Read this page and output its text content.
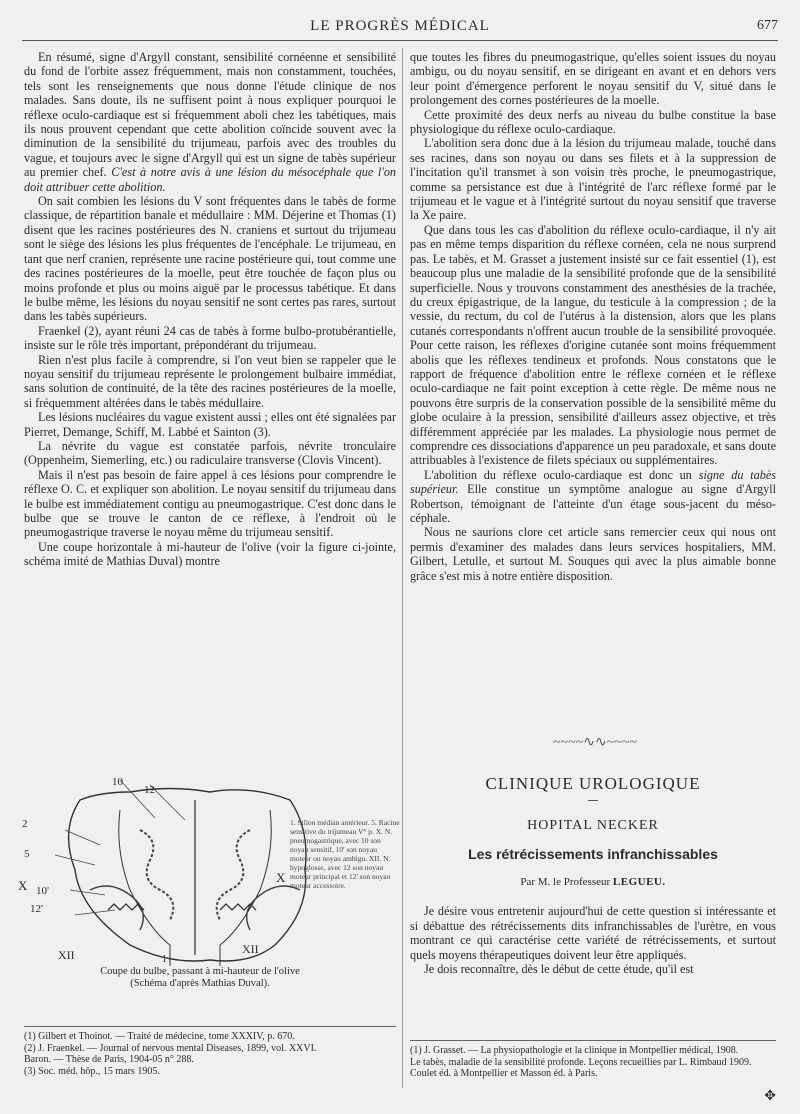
LE PROGRÈS MÉDICAL	677

En résumé, signe d'Argyll constant, sensibilité cornéenne et sensibilité du fond de l'orbite assez fréquemment, mais non constamment, touchées, tels sont les renseignements que nous donne l'étude clinique de nos malades. Sans doute, ils ne suffisent point à nous expliquer pourquoi le réflexe oculo-cardiaque est si fréquemment aboli chez les tabétiques, mais ils nous prouvent cependant que cette abolition coïncide souvent avec la diminution de la sensibilité du trijumeau, parfois avec des troubles du vague, et toujours avec le signe d'Argyll qui est un signe de tabès supérieur au premier chef. C'est à notre avis à une lésion du mésocéphale que l'on doit attribuer cette abolition.

On sait combien les lésions du V sont fréquentes dans le tabès de forme classique, de répartition banale et médullaire : MM. Déjerine et Thomas (1) disent que les racines postérieures des N. craniens et surtout du trijumeau sont le siège des lésions les plus fréquentes de l'encéphale. Le trijumeau, en tant que nerf cranien, représente une racine postérieure qui, tout comme une des racines postérieures de la moelle, peut être touchée de façon plus ou moins profonde et plus ou moins aiguë par le processus tabétique. Et dans le bulbe même, les lésions du noyau sensitif ne sont certes pas rares, surtout dans les tabès supérieurs.

Fraenkel (2), ayant réuni 24 cas de tabès à forme bulbo-protubérantielle, insiste sur le rôle très important, prépondérant du trijumeau.

Rien n'est plus facile à comprendre, si l'on veut bien se rappeler que le noyau sensitif du trijumeau représente le prolongement bulbaire immédiat, sans solution de continuité, de la tête des racines postérieures de la moelle, si fréquemment altérées dans le tabès médullaire.

Les lésions nucléaires du vague existent aussi ; elles ont été signalées par Pierret, Demange, Schiff, M. Labbé et Sainton (3).

La névrite du vague est constatée parfois, névrite tronculaire (Oppenheim, Siemerling, etc.) ou radiculaire transverse (Clovis Vincent).

Mais il n'est pas besoin de faire appel à ces lésions pour comprendre le réflexe O. C. et expliquer son abolition. Le noyau sensitif du trijumeau dans le bulbe est immédiatement contigu au pneumogastrique. C'est donc dans le bulbe que se trouve le canton de ce réflexe, à l'endroit où le pneumogastrique traverse le noyau même du trijumeau sensitif.

Une coupe horizontale à mi-hauteur de l'olive (voir la figure ci-jointe, schéma imité de Mathias Duval) montre

10
12
2
5
X
X
10'
12'
XII	XII
1
1. Sillon médian antérieur. 5. Racine sensitive du trijumeau V° p. X. N. pneumogastrique, avec 10 son noyau sensitif, 10' son noyau moteur ou noyau ambigu. XII. N. hypoglosse, avec 12 son noyau moteur principal et 12' son noyau moteur accessoire.
Coupe du bulbe, passant à mi-hauteur de l'olive
(Schéma d'après Mathias Duval).
(1) Gilbert et Thoinot. — Traité de médecine, tome XXXIV, p. 670.
(2) J. Fraenkel. — Journal of nervous mental Diseases, 1899, vol. XXVI.
Baron. — Thèse de Paris, 1904-05 n° 288.
(3) Soc. méd. hôp., 15 mars 1905.

que toutes les fibres du pneumogastrique, qu'elles soient issues du noyau ambigu, ou du noyau sensitif, en se dirigeant en avant et en dehors vers leur point d'émergence perforent le noyau sensitif du V, situé dans le prolongement des cornes postérieures de la moelle.

Cette proximité des deux nerfs au niveau du bulbe constitue la base physiologique du réflexe oculo-cardiaque.

L'abolition sera donc due à la lésion du trijumeau malade, touché dans ses racines, dans son noyau ou dans ses filets et à la suppression de l'incitation qu'il transmet à son voisin très proche, le pneumogastrique, comme sa persistance est due à l'intégrité de l'arc réflexe formé par le trijumeau et le vague et à l'intégrité surtout du noyau sensitif que traverse la Xe paire.

Que dans tous les cas d'abolition du réflexe oculo-cardiaque, il n'y ait pas en même temps disparition du réflexe cornéen, cela ne nous surprend pas. Le tabès, et M. Grasset a justement insisté sur ce fait essentiel (1), est beaucoup plus une maladie de la sensibilité profonde que de la sensibilité superficielle. Nous y trouvons constamment des anesthésies de la trachée, du creux épigastrique, de la langue, du testicule à la compression ; de la vessie, du rectum, du col de l'utérus à la distension, alors que les plans cutanés correspondants n'offrent aucun trouble de la sensibilité provoquée. Pour cette raison, les réflexes d'origine cutanée sont moins fréquemment abolis que les réflexes tendineux et profonds. Nous constatons que le rapport de fréquence d'abolition entre le réflexe cornéen et le réflexe oculo-cardiaque ne fait point exception à cette règle. De même nous ne pouvons être surpris de la conservation possible de la sensibilité même du globe oculaire à la pression, sensibilité d'ailleurs assez objective, et très différemment appréciée par les malades. La physiologie nous permet de comprendre ces dissociations d'apparence un peu paradoxale, et sans doute attribuables à l'existence de filets spéciaux ou supplémentaires.

L'abolition du réflexe oculo-cardiaque est donc un signe du tabès supérieur. Elle constitue un symptôme analogue au signe d'Argyll Robertson, témoignant de l'atteinte d'un étage sous-jacent du méso-céphale.

Nous ne saurions clore cet article sans remercier ceux qui nous ont permis d'examiner des malades dans leurs services hospitaliers, MM. Gilbert, Letulle, et surtout M. Souques qui avec la plus aimable bonne grâce s'est mis à notre entière disposition.

~~~~∿∿~~~~
CLINIQUE UROLOGIQUE
HOPITAL NECKER
Les rétrécissements infranchissables
Par M. le Professeur LEGUEU.

Je désire vous entretenir aujourd'hui de cette question si intéressante et si débattue des rétrécissements dits infranchissables de l'urètre, en vous montrant ce qui caractérise cette variété de rétrécissements, et surtout quels moyens thérapeutiques doivent leur être appliqués.

Je dois reconnaître, dès le début de cette étude, qu'il est

(1) J. Grasset. — La physiopathologie et la clinique in Montpellier médical, 1908.
Le tabès, maladie de la sensibilité profonde. Leçons recueillies par L. Rimbaud 1909. Coulet éd. à Montpellier et Masson éd. à Paris.
✥
